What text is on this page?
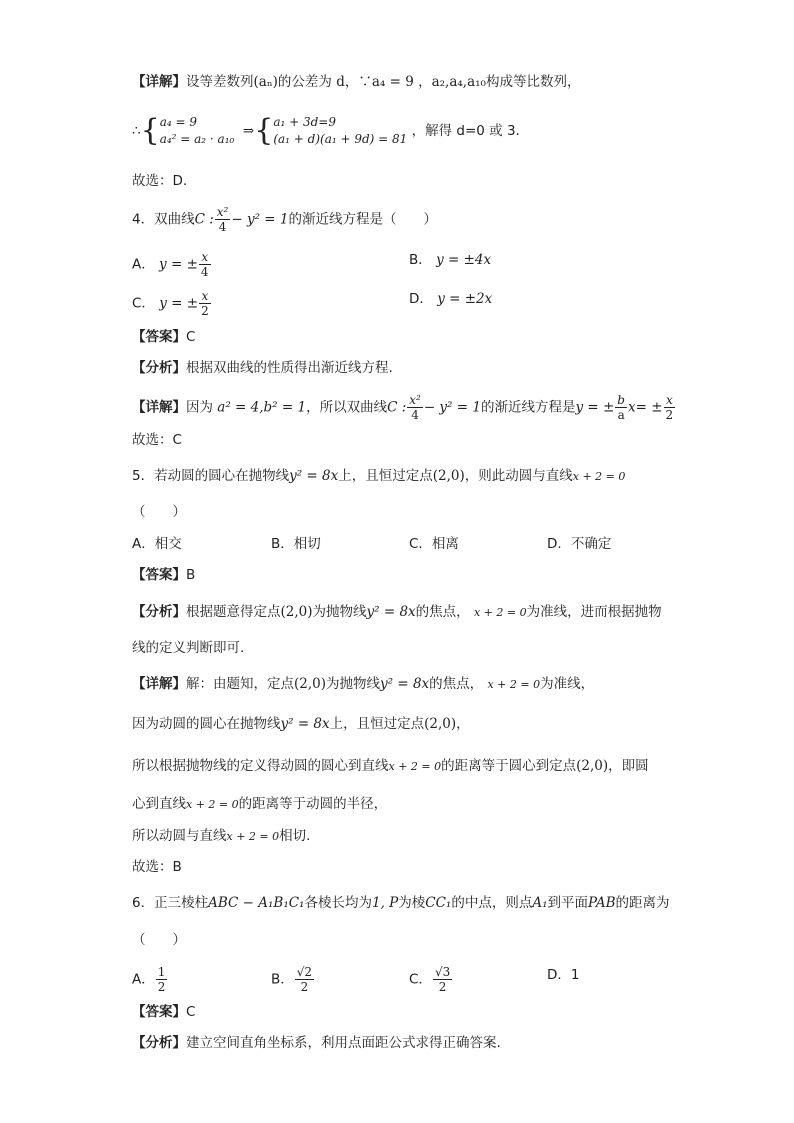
【详解】设等差数列(aₙ)的公差为 d，∵a₄ = 9 ，a₂,a₄,a₁₀构成等比数列，
∴{a₄ = 9
a₄² = a₂ · a₁₀  ⇒{a₁ + 3d=9
(a₁ + d)(a₁ + 9d) = 81 ，解得 d=0 或 3.
故选：D.
4．双曲线C : $\frac{\text{x²}}{4} - y^2 = 1$的渐近线方程是（　　）
A． y = ± $\frac{x}{4}$	B． y = ±4x
C． y = ± $\frac{x}{2}$	D． y = ±2x
【答案】C
【分析】根据双曲线的性质得出渐近线方程.
【详解】因为 a² = 4,b² = 1，所以双曲线C : $\frac{\text{x²}}{4} - y^2 = 1$的渐近线方程是y = ± $\frac{b}{a} x= \pm \frac{x}{2}$
故选：C
5．若动圆的圆心在抛物线y² = 8x上，且恒过定点(2,0)，则此动圆与直线x + 2 = 0
（　　）
A．相交	B．相切	C．相离	D．不确定
【答案】B
【分析】根据题意得定点(2,0)为抛物线y² = 8x的焦点， x + 2 = 0为准线，进而根据抛物
线的定义判断即可.
【详解】解：由题知，定点(2,0)为抛物线y² = 8x的焦点， x + 2 = 0为准线，
因为动圆的圆心在抛物线y² = 8x上，且恒过定点(2,0)，
所以根据抛物线的定义得动圆的圆心到直线x + 2 = 0的距离等于圆心到定点(2,0)，即圆
心到直线x + 2 = 0的距离等于动圆的半径，
所以动圆与直线x + 2 = 0相切.
故选：B
6．正三棱柱ABC − A₁B₁C₁各棱长均为1, P为棱CC₁的中点，则点A₁到平面PAB的距离为
（　　）
A． $\frac{1}{2}$	B． $\frac{√2}{2}$	C． $\frac{√3}{2}$	D．1
【答案】C
【分析】建立空间直角坐标系，利用点面距公式求得正确答案.
